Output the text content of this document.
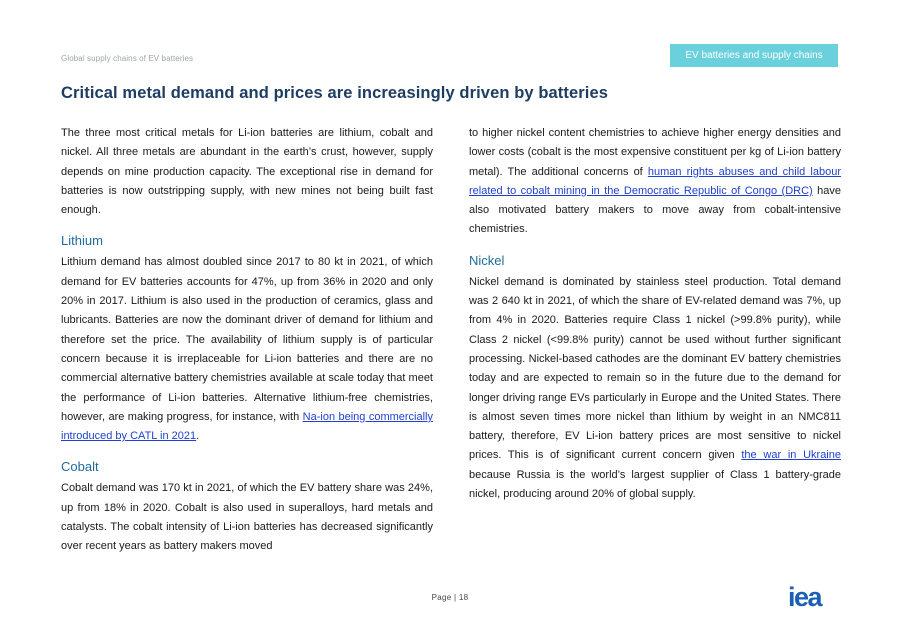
Global supply chains of EV batteries	EV batteries and supply chains
Critical metal demand and prices are increasingly driven by batteries

The three most critical metals for Li-ion batteries are lithium, cobalt and nickel. All three metals are abundant in the earth’s crust, however, supply depends on mine production capacity. The exceptional rise in demand for batteries is now outstripping supply, with new mines not being built fast enough.

Lithium

Lithium demand has almost doubled since 2017 to 80 kt in 2021, of which demand for EV batteries accounts for 47%, up from 36% in 2020 and only 20% in 2017. Lithium is also used in the production of ceramics, glass and lubricants. Batteries are now the dominant driver of demand for lithium and therefore set the price. The availability of lithium supply is of particular concern because it is irreplaceable for Li-ion batteries and there are no commercial alternative battery chemistries available at scale today that meet the performance of Li-ion batteries. Alternative lithium-free chemistries, however, are making progress, for instance, with Na-ion being commercially introduced by CATL in 2021.

Cobalt

Cobalt demand was 170 kt in 2021, of which the EV battery share was 24%, up from 18% in 2020. Cobalt is also used in superalloys, hard metals and catalysts. The cobalt intensity of Li-ion batteries has decreased significantly over recent years as battery makers moved

to higher nickel content chemistries to achieve higher energy densities and lower costs (cobalt is the most expensive constituent per kg of Li-ion battery metal). The additional concerns of human rights abuses and child labour related to cobalt mining in the Democratic Republic of Congo (DRC) have also motivated battery makers to move away from cobalt-intensive chemistries.

Nickel

Nickel demand is dominated by stainless steel production. Total demand was 2 640 kt in 2021, of which the share of EV-related demand was 7%, up from 4% in 2020. Batteries require Class 1 nickel (>99.8% purity), while Class 2 nickel (<99.8% purity) cannot be used without further significant processing. Nickel-based cathodes are the dominant EV battery chemistries today and are expected to remain so in the future due to the demand for longer driving range EVs particularly in Europe and the United States. There is almost seven times more nickel than lithium by weight in an NMC811 battery, therefore, EV Li-ion battery prices are most sensitive to nickel prices. This is of significant current concern given the war in Ukraine because Russia is the world’s largest supplier of Class 1 battery-grade nickel, producing around 20% of global supply.

Page | 18	iea
